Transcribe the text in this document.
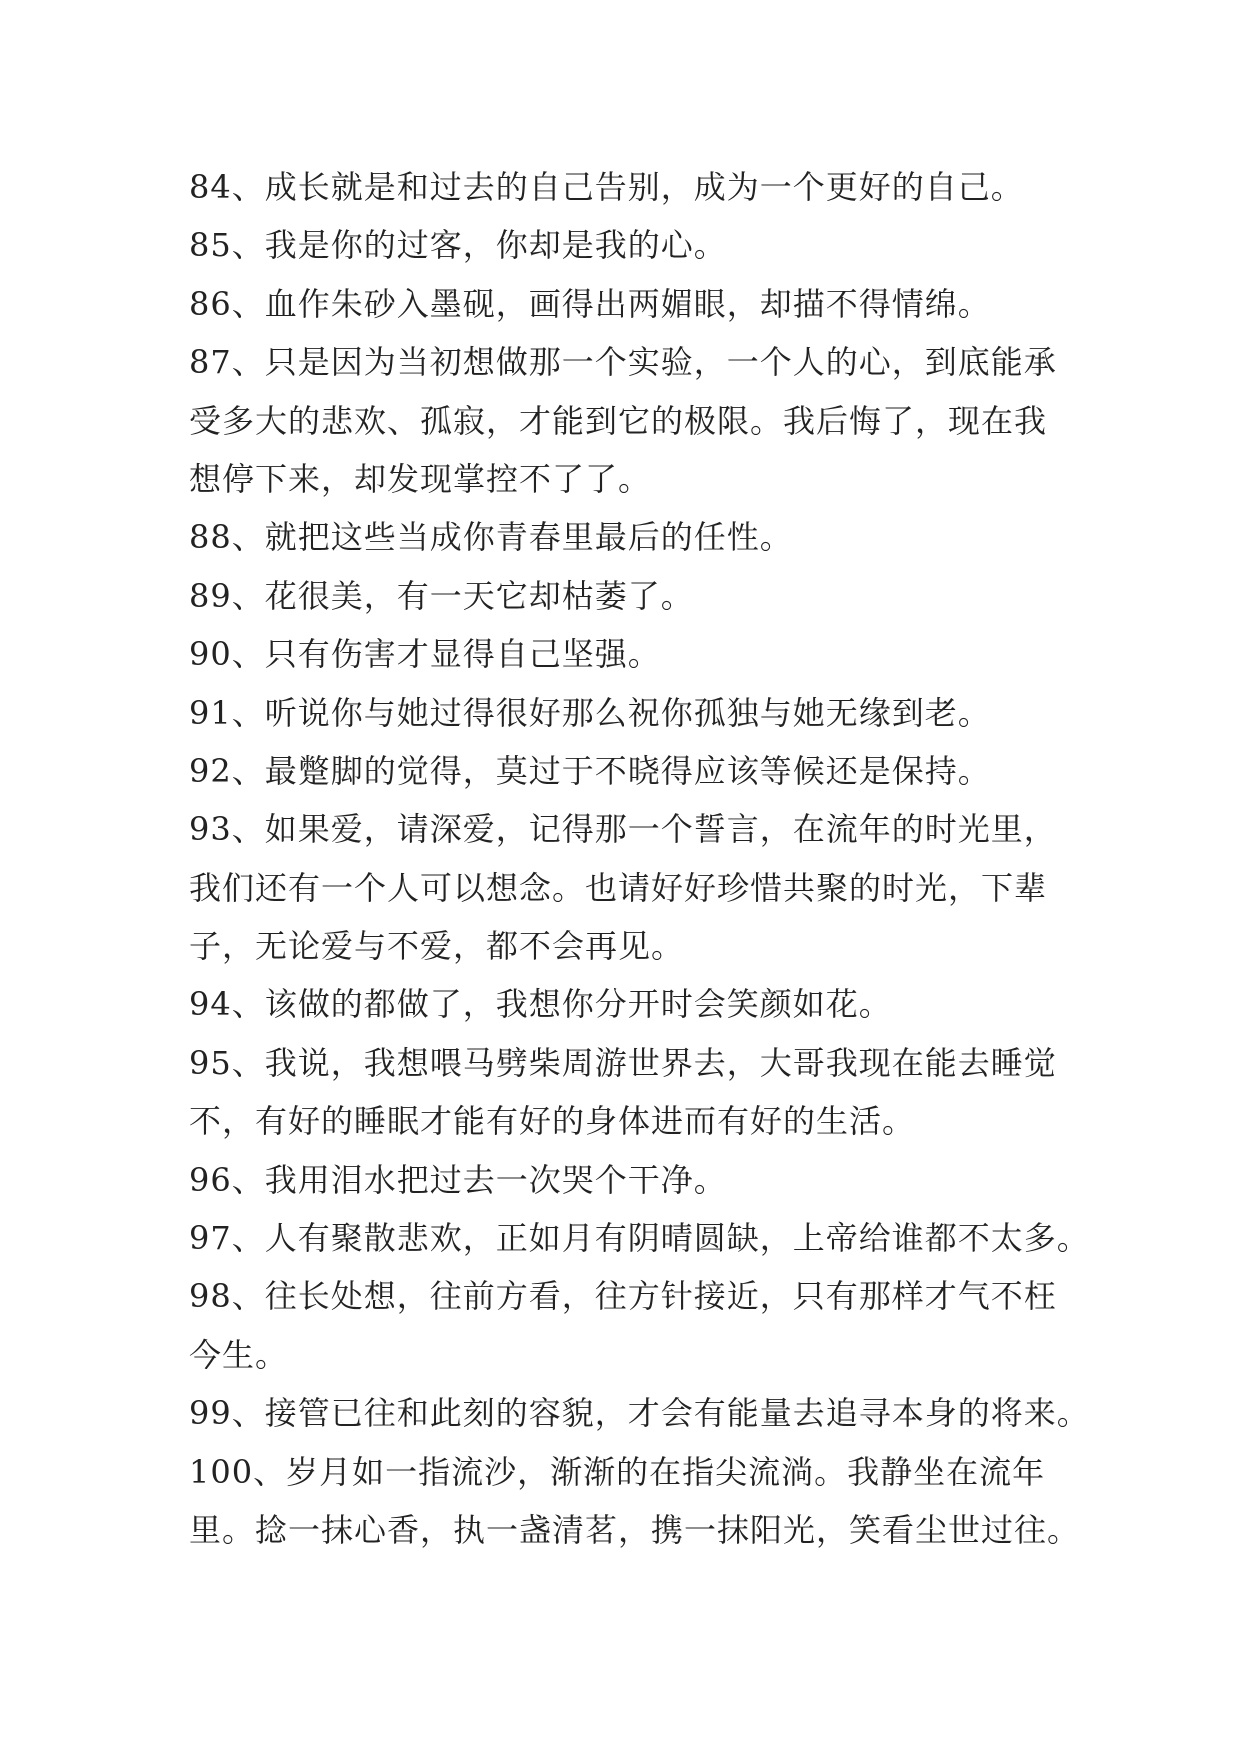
84、成长就是和过去的自己告别，成为一个更好的自己。
85、我是你的过客，你却是我的心。
86、血作朱砂入墨砚，画得出两媚眼，却描不得情绵。
87、只是因为当初想做那一个实验，一个人的心，到底能承
受多大的悲欢、孤寂，才能到它的极限。我后悔了，现在我
想停下来，却发现掌控不了了。
88、就把这些当成你青春里最后的任性。
89、花很美，有一天它却枯萎了。
90、只有伤害才显得自己坚强。
91、听说你与她过得很好那么祝你孤独与她无缘到老。
92、最蹩脚的觉得，莫过于不晓得应该等候还是保持。
93、如果爱，请深爱，记得那一个誓言，在流年的时光里，
我们还有一个人可以想念。也请好好珍惜共聚的时光，下辈
子，无论爱与不爱，都不会再见。
94、该做的都做了，我想你分开时会笑颜如花。
95、我说，我想喂马劈柴周游世界去，大哥我现在能去睡觉
不，有好的睡眠才能有好的身体进而有好的生活。
96、我用泪水把过去一次哭个干净。
97、人有聚散悲欢，正如月有阴晴圆缺，上帝给谁都不太多。
98、往长处想，往前方看，往方针接近，只有那样才气不枉
今生。
99、接管已往和此刻的容貌，才会有能量去追寻本身的将来。
100、岁月如一指流沙，渐渐的在指尖流淌。我静坐在流年
里。捻一抹心香，执一盏清茗，携一抹阳光，笑看尘世过往。
